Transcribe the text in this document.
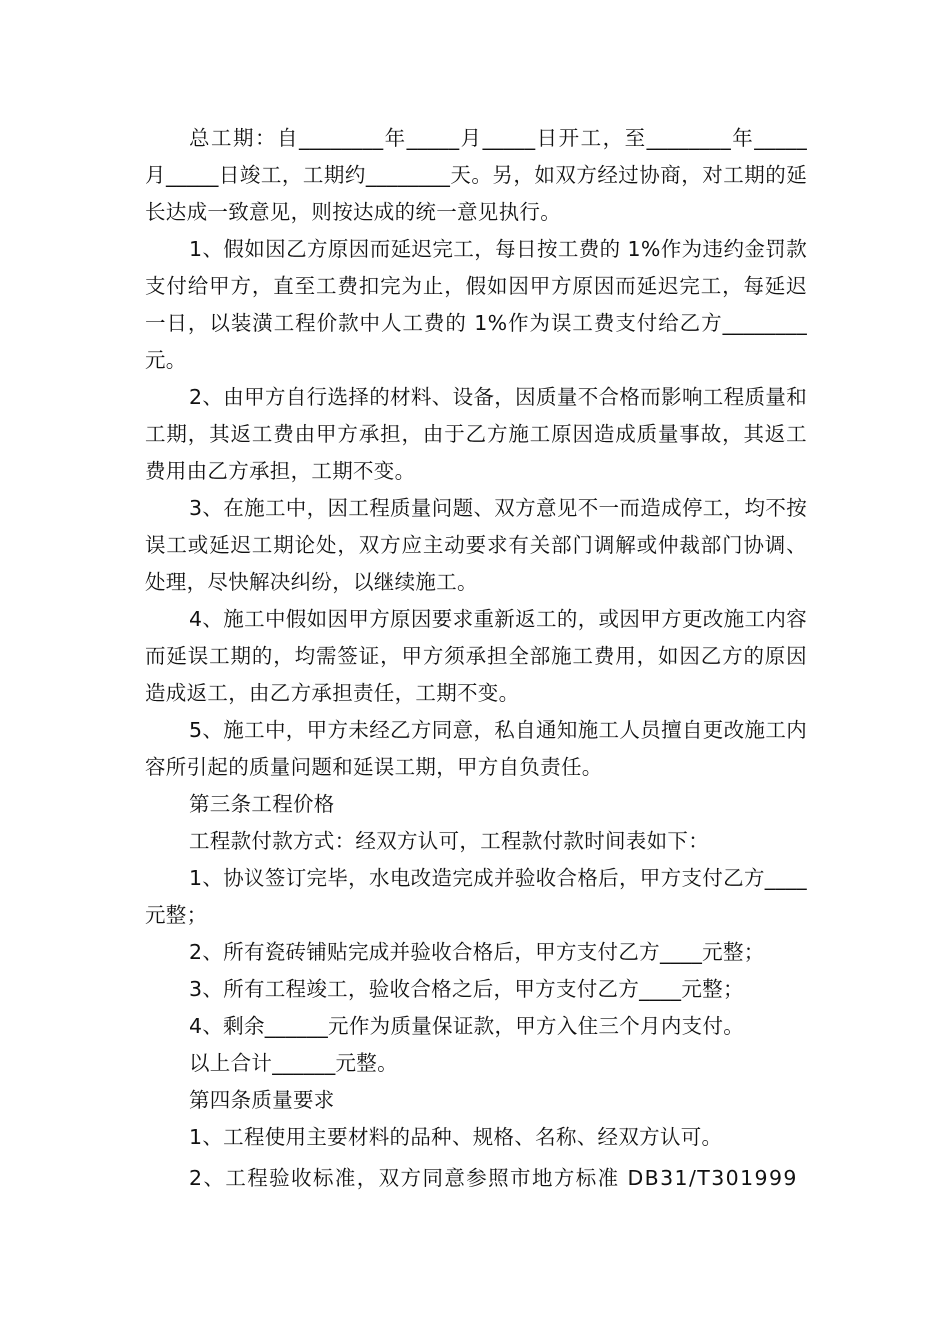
总工期：自________年_____月_____日开工，至________年_____月_____日竣工，工期约________天。另，如双方经过协商，对工期的延长达成一致意见，则按达成的统一意见执行。

1、假如因乙方原因而延迟完工，每日按工费的 1%作为违约金罚款支付给甲方，直至工费扣完为止，假如因甲方原因而延迟完工，每延迟一日，以装潢工程价款中人工费的 1%作为误工费支付给乙方________元。

2、由甲方自行选择的材料、设备，因质量不合格而影响工程质量和工期，其返工费由甲方承担，由于乙方施工原因造成质量事故，其返工费用由乙方承担，工期不变。

3、在施工中，因工程质量问题、双方意见不一而造成停工，均不按误工或延迟工期论处，双方应主动要求有关部门调解或仲裁部门协调、处理，尽快解决纠纷，以继续施工。

4、施工中假如因甲方原因要求重新返工的，或因甲方更改施工内容而延误工期的，均需签证，甲方须承担全部施工费用，如因乙方的原因造成返工，由乙方承担责任，工期不变。

5、施工中，甲方未经乙方同意，私自通知施工人员擅自更改施工内容所引起的质量问题和延误工期，甲方自负责任。

第三条工程价格

工程款付款方式：经双方认可，工程款付款时间表如下：

1、协议签订完毕，水电改造完成并验收合格后，甲方支付乙方____元整；

2、所有瓷砖铺贴完成并验收合格后，甲方支付乙方____元整；

3、所有工程竣工，验收合格之后，甲方支付乙方____元整；

4、剩余______元作为质量保证款，甲方入住三个月内支付。

以上合计______元整。

第四条质量要求

1、工程使用主要材料的品种、规格、名称、经双方认可。

2、工程验收标准，双方同意参照市地方标准 DB31/T301999
